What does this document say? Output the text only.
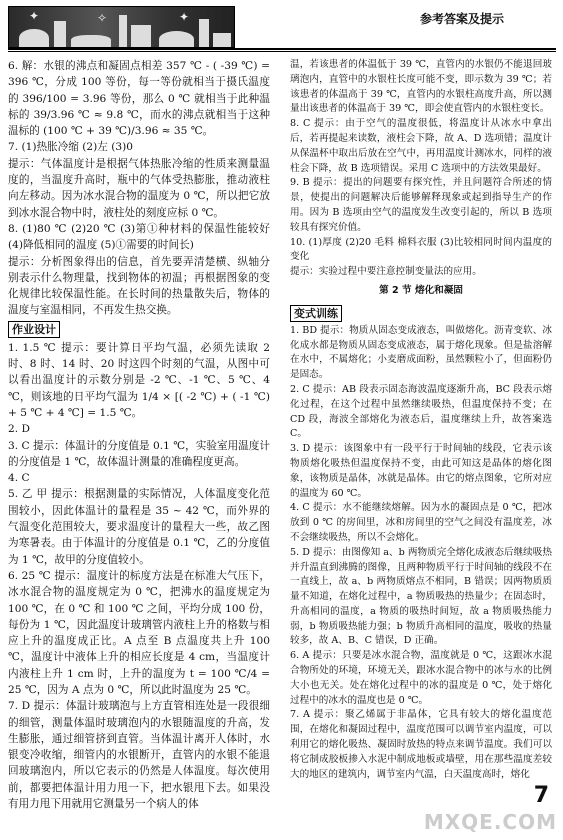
✦	✧	✦	参考答案及提示

6. 解：水银的沸点和凝固点相差 357 ℃ - ( -39 ℃) = 396 ℃，分成 100 等份，每一等份就相当于摄氏温度的 396/100 = 3.96 等份，那么 0 ℃ 就相当于此种温标的 39/3.96 ℃ ≈ 9.8 ℃，而水的沸点就相当于这种温标的 (100 ℃ + 39 ℃)/3.96 ≈ 35 ℃。

7. (1)热胀冷缩 (2)左 (3)0

提示：气体温度计是根据气体热胀冷缩的性质来测量温度的，当温度升高时，瓶中的气体受热膨胀，推动液柱向左移动。因为冰水混合物的温度为 0 ℃，所以把它放到冰水混合物中时，液柱处的刻度应标 0 ℃。

8. (1)80 ℃ (2)20 ℃ (3)第①种材料的保温性能较好 (4)降低相同的温度 (5)①需要的时间长)

提示：分析图象得出的信息，首先要弄清楚横、纵轴分别表示什么物理量，找到物体的初温；再根据图象的变化规律比较保温性能。在长时间的热量散失后，物体的温度与室温相同，不再发生热交换。

作业设计

1. 1.5 ℃ 提示：要计算日平均气温，必须先读取 2 时、8 时、14 时、20 时这四个时刻的气温，从图中可以看出温度计的示数分别是 -2 ℃、-1 ℃、5 ℃、4 ℃，则该地的日平均气温为 1/4 × [( -2 ℃) + ( -1 ℃) + 5 ℃ + 4 ℃] = 1.5 ℃。

2. D

3. C 提示：体温计的分度值是 0.1 ℃，实验室用温度计的分度值是 1 ℃，故体温计测量的准确程度更高。

4. C

5. 乙 甲 提示：根据测量的实际情况，人体温度变化范围较小，因此体温计的量程是 35 ~ 42 ℃，而外界的气温变化范围较大，要求温度计的量程大一些，故乙图为寒暑表。由于体温计的分度值是 0.1 ℃，乙的分度值为 1 ℃，故甲的分度值较小。

6. 25 ℃ 提示：温度计的标度方法是在标准大气压下，冰水混合物的温度规定为 0 ℃，把沸水的温度规定为 100 ℃，在 0 ℃ 和 100 ℃ 之间，平均分成 100 份，每份为 1 ℃，因此温度计玻璃管内液柱上升的格数与相应上升的温度成正比。A 点至 B 点温度共上升 100 ℃，温度计中液体上升的相应长度是 4 cm，当温度计内液柱上升 1 cm 时，上升的温度为 t = 100 ℃/4 = 25 ℃，因为 A 点为 0 ℃，所以此时温度为 25 ℃。

7. D 提示：体温计玻璃泡与上方直管相连处是一段很细的细管，测量体温时玻璃泡内的水银随温度的升高，发生膨胀，通过细管挤到直管。当体温计离开人体时，水银变冷收缩，细管内的水银断开，直管内的水银不能退回玻璃泡内，所以它表示的仍然是人体温度。每次使用前，都要把体温计用力甩一下，把水银甩下去。如果没有用力甩下用就用它测量另一个病人的体

温，若该患者的体温低于 39 ℃，直管内的水银仍不能退回玻璃泡内，直管中的水银柱长度可能不变，即示数为 39 ℃；若该患者的体温高于 39 ℃，直管内的水银柱高度升高，所以测量出该患者的体温高于 39 ℃，即会使直管内的水银柱变长。

8. C 提示：由于空气的温度很低，将温度计从冰水中拿出后，若再提起来读数，液柱会下降，故 A、D 选项错；温度计从保温杯中取出后放在空气中，再用温度计测冰水，同样的液柱会下降，故 B 选项错误。采用 C 选项中的方法效果最好。

9. B 提示：提出的问题要有探究性，并且问题符合所述的情景，使提出的问题解决后能够解释现象或起到指导生产的作用。因为 B 选项由空气的温度发生改变引起的，所以 B 选项较具有探究价值。

10. (1)厚度 (2)20 毛料 棉料衣服 (3)比较相同时间内温度的变化

提示：实验过程中要注意控制变量法的应用。

第 2 节 熔化和凝固
变式训练

1. BD 提示：物质从固态变成液态，叫做熔化。沥青变软、冰化成水都是物质从固态变成液态，属于熔化现象。但是盐溶解在水中，不属熔化；小麦磨成面粉，虽然颗粒小了，但面粉仍是固态。

2. C 提示：AB 段表示固态海波温度逐渐升高，BC 段表示熔化过程，在这个过程中虽然继续吸热，但温度保持不变；在 CD 段，海波全部熔化为液态后，温度继续上升，故答案选 C。

3. D 提示：该图象中有一段平行于时间轴的线段，它表示该物质熔化吸热但温度保持不变，由此可知这是晶体的熔化图象，该物质是晶体，冰就是晶体。由它的熔点图象，它所对应的温度为 60 ℃。

4. C 提示：水不能继续熔解。因为水的凝固点是 0 ℃，把冰放到 0 ℃ 的房间里，冰和房间里的空气之间没有温度差，冰不会继续吸热，所以不会熔化。

5. D 提示：由图像知 a、b 两物质完全熔化成液态后继续吸热并升温直到沸腾的图像，且两种物质平行于时间轴的线段不在一直线上，故 a、b 两物质熔点不相同，B 错误；因两物质质量不知道，在熔化过程中，a 物质吸热的热量少；在固态时，升高相同的温度，a 物质的吸热时间短，故 a 物质吸热能力弱，b 物质吸热能力强；b 物质升高相同的温度，吸收的热量较多，故 A、B、C 错误，D 正确。

6. A 提示：只要是冰水混合物，温度就是 0 ℃，这跟冰水混合物所处的环境，环境无关，跟冰水混合物中的冰与水的比例大小也无关。处在熔化过程中的冰的温度是 0 ℃，处于熔化过程中的冰水的温度也是 0 ℃。

7. A 提示：聚乙烯属于非晶体，它具有较大的熔化温度范围，在熔化和凝固过程中，温度范围可以调节室内温度，可以利用它的熔化吸热、凝固时放热的特点来调节温度。我们可以将它制成胶板掺入水泥中制成地板或墙壁，用在那些温度差较大的地区的建筑内，调节室内气温，白天温度高时，熔化

7
MXQE.COM
